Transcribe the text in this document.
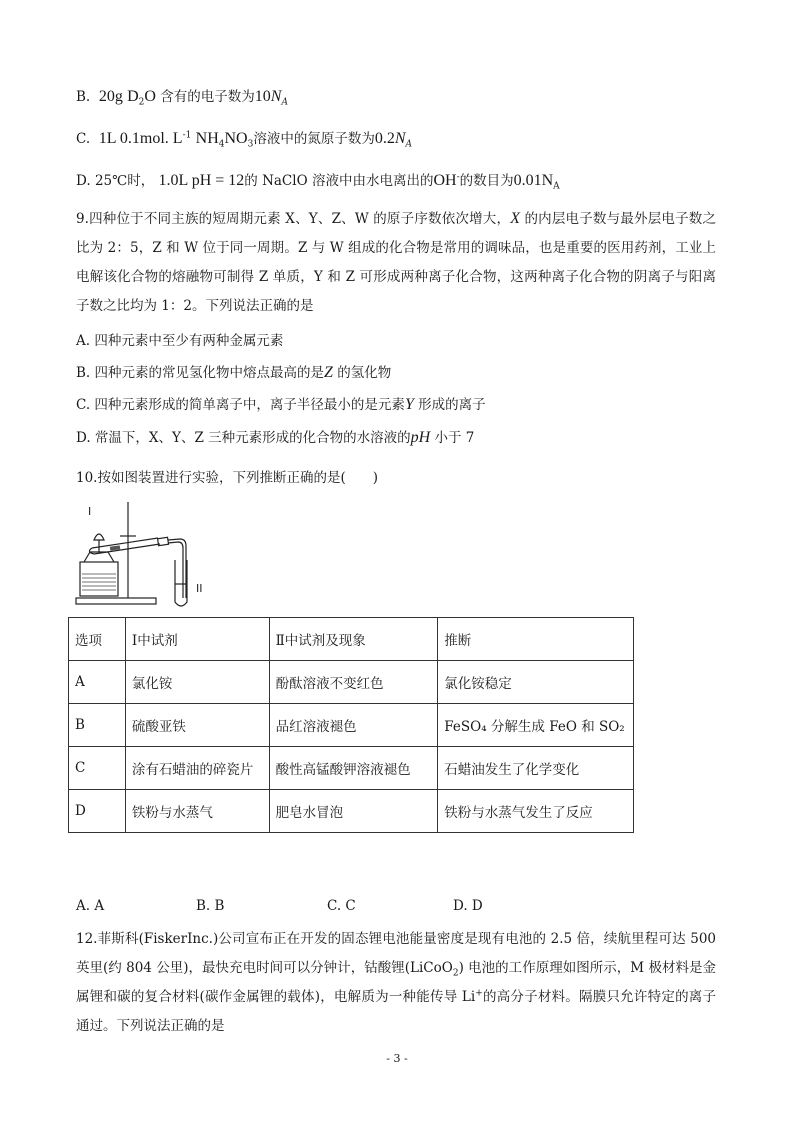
B. 20g $D_2O$ 含有的电子数为$10N_A$
C. 1L 0.1mol. $L^{-1}$ $NH_4NO_3$溶液中的氮原子数为$0.2N_A$
D. 25℃时， 1.0L pH = 12的 NaClO 溶液中由水电离出的OH-的数目为$0.01N_A$
9.四种位于不同主族的短周期元素 X、Y、Z、W 的原子序数依次增大，X 的内层电子数与最外层电子数之比为 2：5，Z 和 W 位于同一周期。Z 与 W 组成的化合物是常用的调味品，也是重要的医用药剂，工业上电解该化合物的熔融物可制得 Z 单质，Y 和 Z 可形成两种离子化合物，这两种离子化合物的阴离子与阳离子数之比均为 1：2。下列说法正确的是
A. 四种元素中至少有两种金属元素
B. 四种元素的常见氢化物中熔点最高的是Z 的氢化物
C. 四种元素形成的简单离子中，离子半径最小的是元素Y 形成的离子
D. 常温下，X、Y、Z 三种元素形成的化合物的水溶液的pH 小于 7
10.按如图装置进行实验，下列推断正确的是(　　)
I
II
选项	Ⅰ中试剂	Ⅱ中试剂及现象	推断
A	氯化铵	酚酞溶液不变红色	氯化铵稳定
B	硫酸亚铁	品红溶液褪色	FeSO₄ 分解生成 FeO 和 SO₂
C	涂有石蜡油的碎瓷片	酸性高锰酸钾溶液褪色	石蜡油发生了化学变化
D	铁粉与水蒸气	肥皂水冒泡	铁粉与水蒸气发生了反应
A. A	B. B	C. C	D. D
12.菲斯科(FiskerInc.)公司宣布正在开发的固态锂电池能量密度是现有电池的 2.5 倍，续航里程可达 500 英里(约 804 公里)，最快充电时间可以分钟计，钴酸锂(LiCoO$_2$) 电池的工作原理如图所示，M 极材料是金属锂和碳的复合材料(碳作金属锂的载体)，电解质为一种能传导 Li+的高分子材料。隔膜只允许特定的离子通过。下列说法正确的是
- 3 -
